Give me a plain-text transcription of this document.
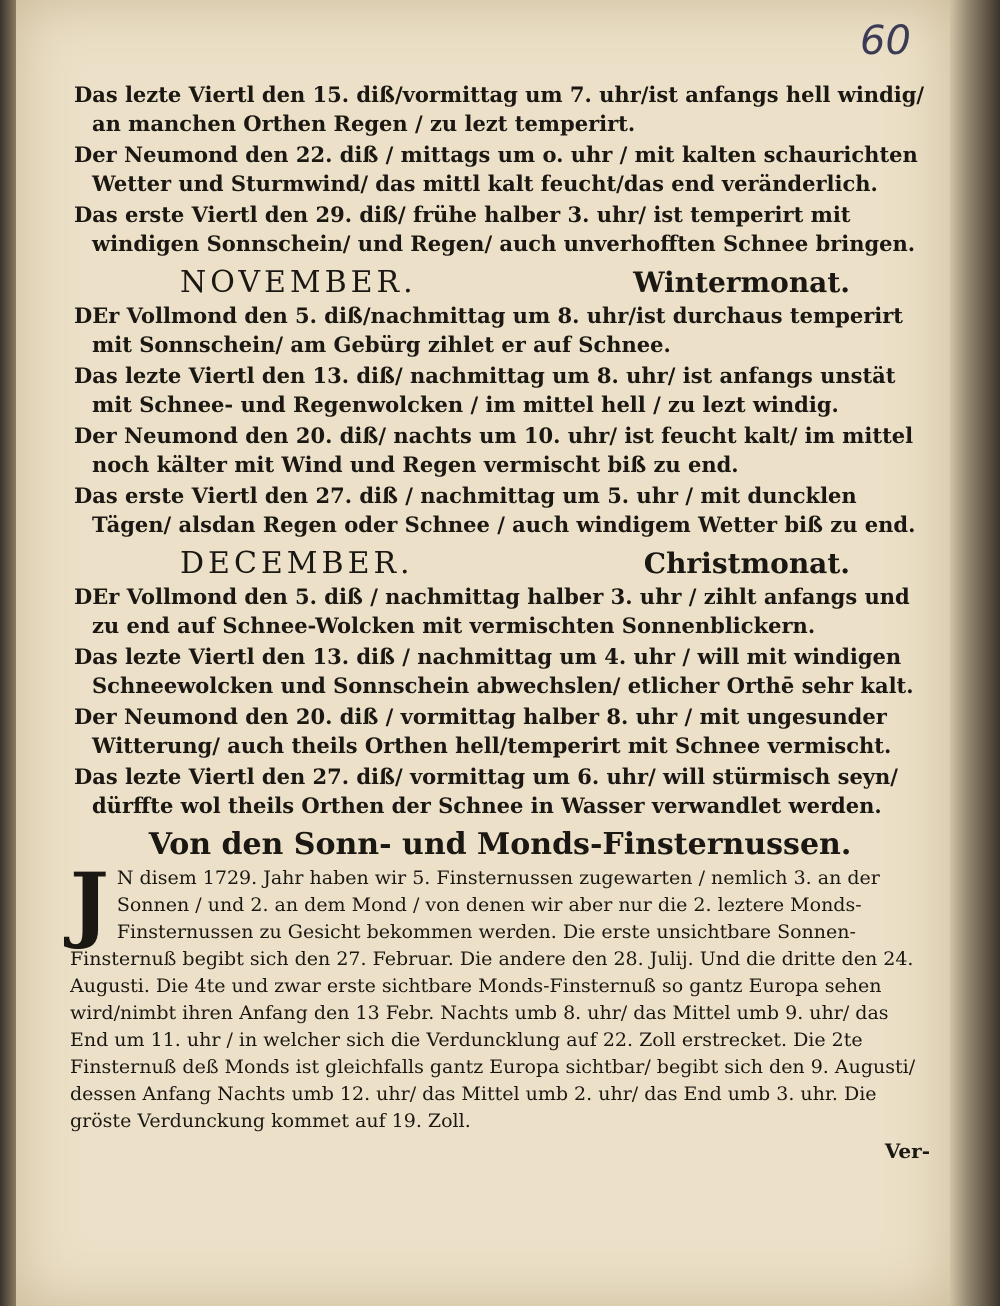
60

Das lezte Viertl den 15. diß/vormittag um 7. uhr/ist anfangs hell windig/ an manchen Orthen Regen / zu lezt temperirt.

Der Neumond den 22. diß / mittags um o. uhr / mit kalten schaurichten Wetter und Sturmwind/ das mittl kalt feucht/das end veränderlich.

Das erste Viertl den 29. diß/ frühe halber 3. uhr/ ist temperirt mit windigen Sonnschein/ und Regen/ auch unverhofften Schnee bringen.

NOVEMBER.	Wintermonat.

DEr Vollmond den 5. diß/nachmittag um 8. uhr/ist durchaus temperirt mit Sonnschein/ am Gebürg zihlet er auf Schnee.

Das lezte Viertl den 13. diß/ nachmittag um 8. uhr/ ist anfangs unstät mit Schnee- und Regenwolcken / im mittel hell / zu lezt windig.

Der Neumond den 20. diß/ nachts um 10. uhr/ ist feucht kalt/ im mittel noch kälter mit Wind und Regen vermischt biß zu end.

Das erste Viertl den 27. diß / nachmittag um 5. uhr / mit duncklen Tägen/ alsdan Regen oder Schnee / auch windigem Wetter biß zu end.

DECEMBER.	Christmonat.

DEr Vollmond den 5. diß / nachmittag halber 3. uhr / zihlt anfangs und zu end auf Schnee-Wolcken mit vermischten Sonnenblickern.

Das lezte Viertl den 13. diß / nachmittag um 4. uhr / will mit windigen Schneewolcken und Sonnschein abwechslen/ etlicher Orthē sehr kalt.

Der Neumond den 20. diß / vormittag halber 8. uhr / mit ungesunder Witterung/ auch theils Orthen hell/temperirt mit Schnee vermischt.

Das lezte Viertl den 27. diß/ vormittag um 6. uhr/ will stürmisch seyn/ dürffte wol theils Orthen der Schnee in Wasser verwandlet werden.

Von den Sonn- und Monds-Finsternussen.

J N disem 1729. Jahr haben wir 5. Finsternussen zugewarten / nemlich 3. an der Sonnen / und 2. an dem Mond / von denen wir aber nur die 2. leztere Monds-Finsternussen zu Gesicht bekommen werden. Die erste unsichtbare Sonnen-Finsternuß begibt sich den 27. Februar. Die andere den 28. Julij. Und die dritte den 24. Augusti. Die 4te und zwar erste sichtbare Monds-Finsternuß so gantz Europa sehen wird/nimbt ihren Anfang den 13 Febr. Nachts umb 8. uhr/ das Mittel umb 9. uhr/ das End um 11. uhr / in welcher sich die Verduncklung auf 22. Zoll erstrecket. Die 2te Finsternuß deß Monds ist gleichfalls gantz Europa sichtbar/ begibt sich den 9. Augusti/ dessen Anfang Nachts umb 12. uhr/ das Mittel umb 2. uhr/ das End umb 3. uhr. Die gröste Verdunckung kommet auf 19. Zoll.

Ver-
